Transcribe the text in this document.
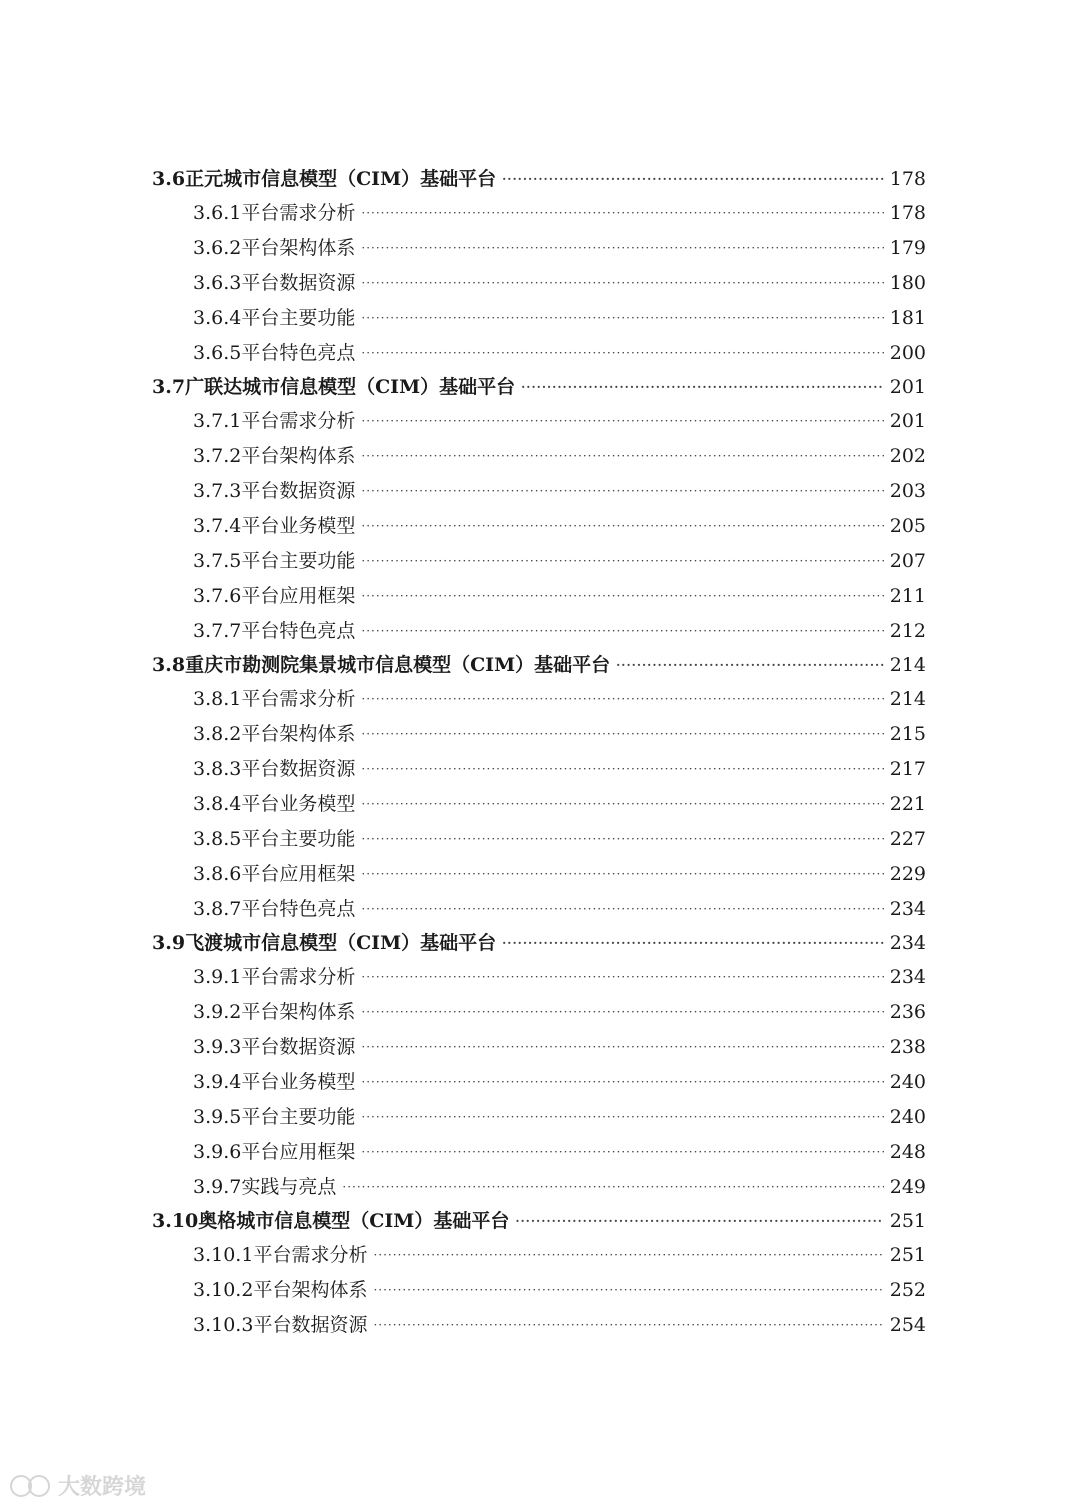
3.6 正元城市信息模型（CIM）基础平台 ·····	178
3.6.1 平台需求分析 ·····	178
3.6.2 平台架构体系 ·····	179
3.6.3 平台数据资源 ·····	180
3.6.4 平台主要功能 ·····	181
3.6.5 平台特色亮点 ·····	200
3.7 广联达城市信息模型（CIM）基础平台 ·····	201
3.7.1 平台需求分析 ·····	201
3.7.2 平台架构体系 ·····	202
3.7.3 平台数据资源 ·····	203
3.7.4 平台业务模型 ·····	205
3.7.5 平台主要功能 ·····	207
3.7.6 平台应用框架 ·····	211
3.7.7 平台特色亮点 ·····	212
3.8 重庆市勘测院集景城市信息模型（CIM）基础平台 ·····	214
3.8.1 平台需求分析 ·····	214
3.8.2 平台架构体系 ·····	215
3.8.3 平台数据资源 ·····	217
3.8.4 平台业务模型 ·····	221
3.8.5 平台主要功能 ·····	227
3.8.6 平台应用框架 ·····	229
3.8.7 平台特色亮点 ·····	234
3.9 飞渡城市信息模型（CIM）基础平台 ·····	234
3.9.1 平台需求分析 ·····	234
3.9.2 平台架构体系 ·····	236
3.9.3 平台数据资源 ·····	238
3.9.4 平台业务模型 ·····	240
3.9.5 平台主要功能 ·····	240
3.9.6 平台应用框架 ·····	248
3.9.7 实践与亮点 ·····	249
3.10 奥格城市信息模型（CIM）基础平台 ·····	251
3.10.1 平台需求分析 ·····	251
3.10.2 平台架构体系 ·····	252
3.10.3 平台数据资源 ·····	254
大数跨境
